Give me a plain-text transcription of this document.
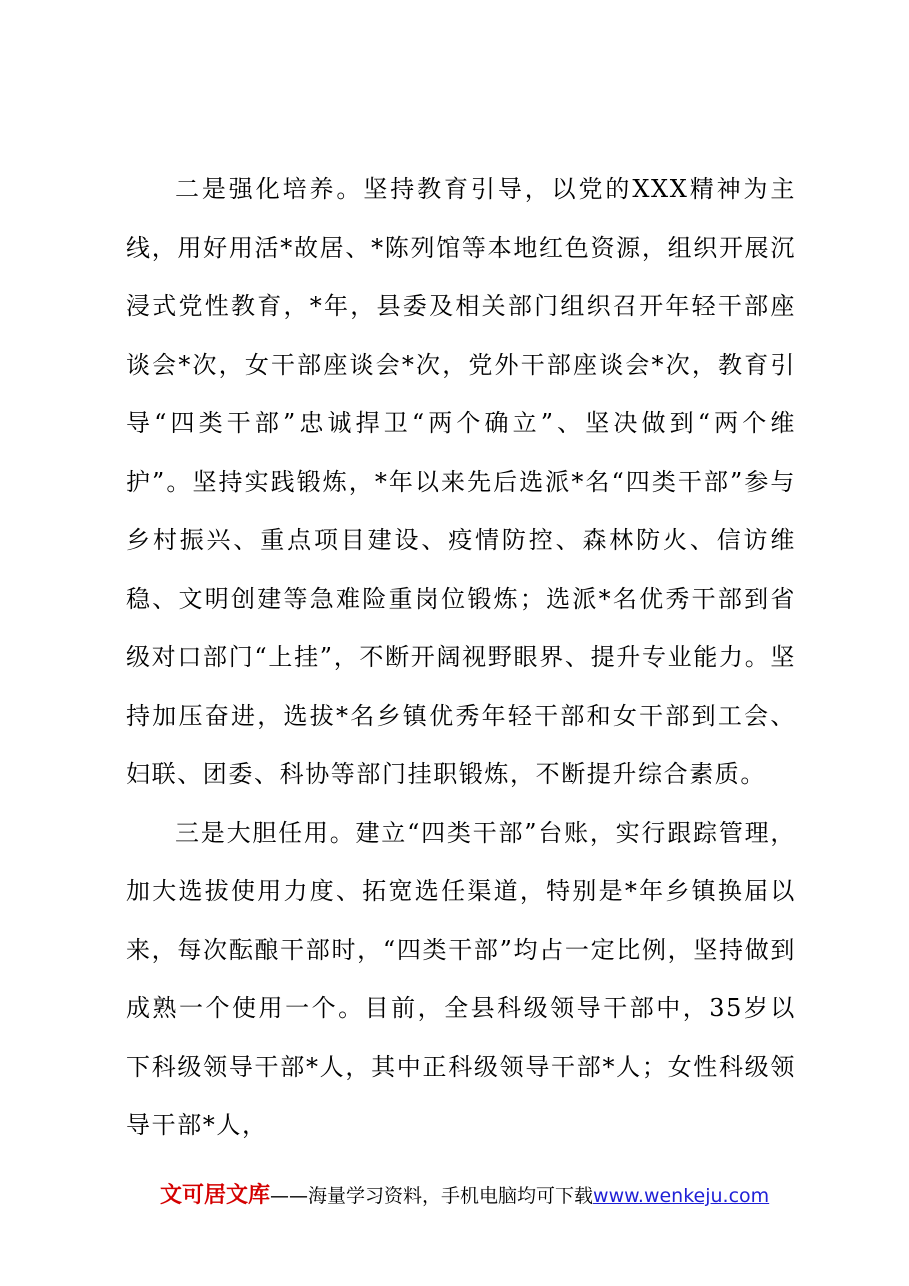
二是强化培养。坚持教育引导，以党的XXX精神为主线，用好用活*故居、*陈列馆等本地红色资源，组织开展沉浸式党性教育，*年，县委及相关部门组织召开年轻干部座谈会*次，女干部座谈会*次，党外干部座谈会*次，教育引导“四类干部”忠诚捍卫“两个确立”、坚决做到“两个维护”。坚持实践锻炼，*年以来先后选派*名“四类干部”参与乡村振兴、重点项目建设、疫情防控、森林防火、信访维稳、文明创建等急难险重岗位锻炼；选派*名优秀干部到省级对口部门“上挂”，不断开阔视野眼界、提升专业能力。坚持加压奋进，选拔*名乡镇优秀年轻干部和女干部到工会、妇联、团委、科协等部门挂职锻炼，不断提升综合素质。

三是大胆任用。建立“四类干部”台账，实行跟踪管理，加大选拔使用力度、拓宽选任渠道，特别是*年乡镇换届以来，每次酝酿干部时，“四类干部”均占一定比例，坚持做到成熟一个使用一个。目前，全县科级领导干部中，35岁以下科级领导干部*人，其中正科级领导干部*人；女性科级领导干部*人，

文可居文库——海量学习资料，手机电脑均可下载www.wenkeju.com
